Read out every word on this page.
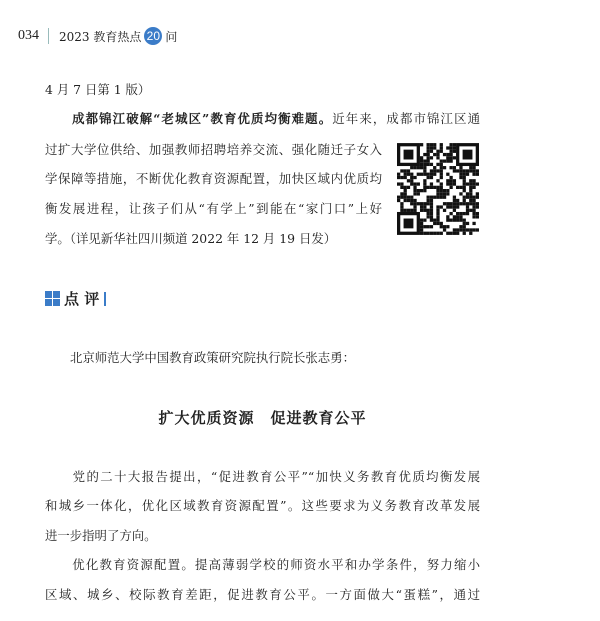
034 2023 教育热点 20 问
4 月 7 日第 1 版）
　　成都锦江破解“老城区”教育优质均衡难题。近年来，成都市锦江区通
过扩大学位供给、加强教师招聘培养交流、强化随迁子女入
学保障等措施，不断优化教育资源配置，加快区域内优质均
衡发展进程，让孩子们从“有学上”到能在“家门口”上好
学。（详见新华社四川频道 2022 年 12 月 19 日发）
点 评
北京师范大学中国教育政策研究院执行院长张志勇：
扩大优质资源　促进教育公平
　　党的二十大报告提出，“促进教育公平”“加快义务教育优质均衡发展
和城乡一体化，优化区域教育资源配置”。这些要求为义务教育改革发展
进一步指明了方向。
　　优化教育资源配置。提高薄弱学校的师资水平和办学条件，努力缩小
区域、城乡、校际教育差距，促进教育公平。一方面做大“蛋糕”，通过
